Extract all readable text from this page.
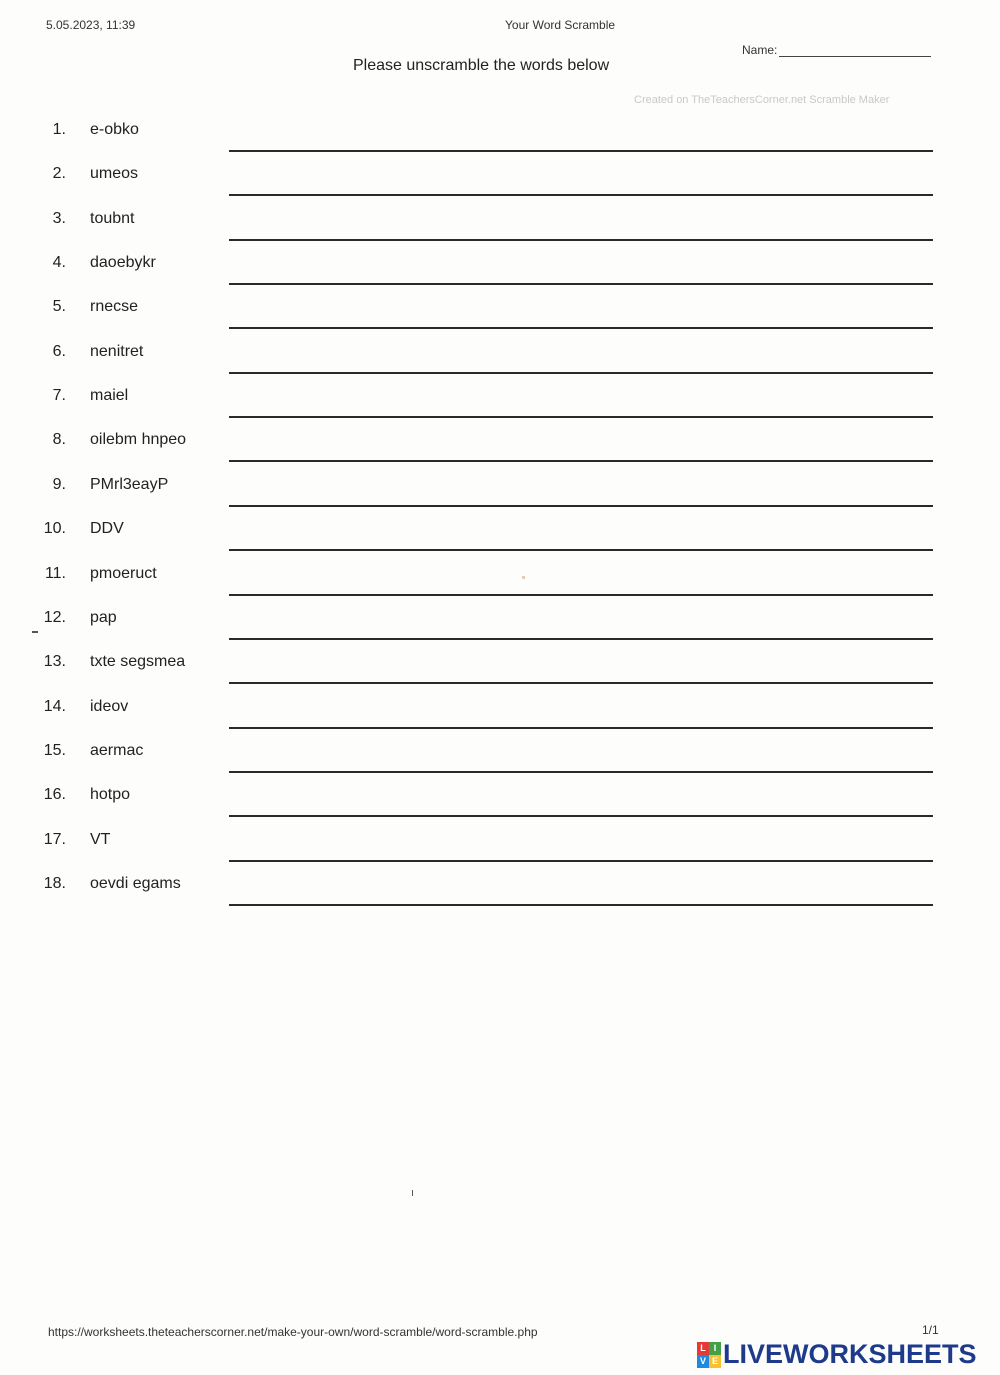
5.05.2023, 11:39	Your Word Scramble
Name:
Please unscramble the words below
Created on TheTeachersCorner.net Scramble Maker
1. e-obko
2. umeos
3. toubnt
4. daoebykr
5. rnecse
6. nenitret
7. maiel
8. oilebm hnpeo
9. PMrl3eayP
10. DDV
11. pmoeruct
12. pap
13. txte segsmea
14. ideov
15. aermac
16. hotpo
17. VT
18. oevdi egams
https://worksheets.theteacherscorner.net/make-your-own/word-scramble/word-scramble.php	1/1
L I
V E LIVEWORKSHEETS
